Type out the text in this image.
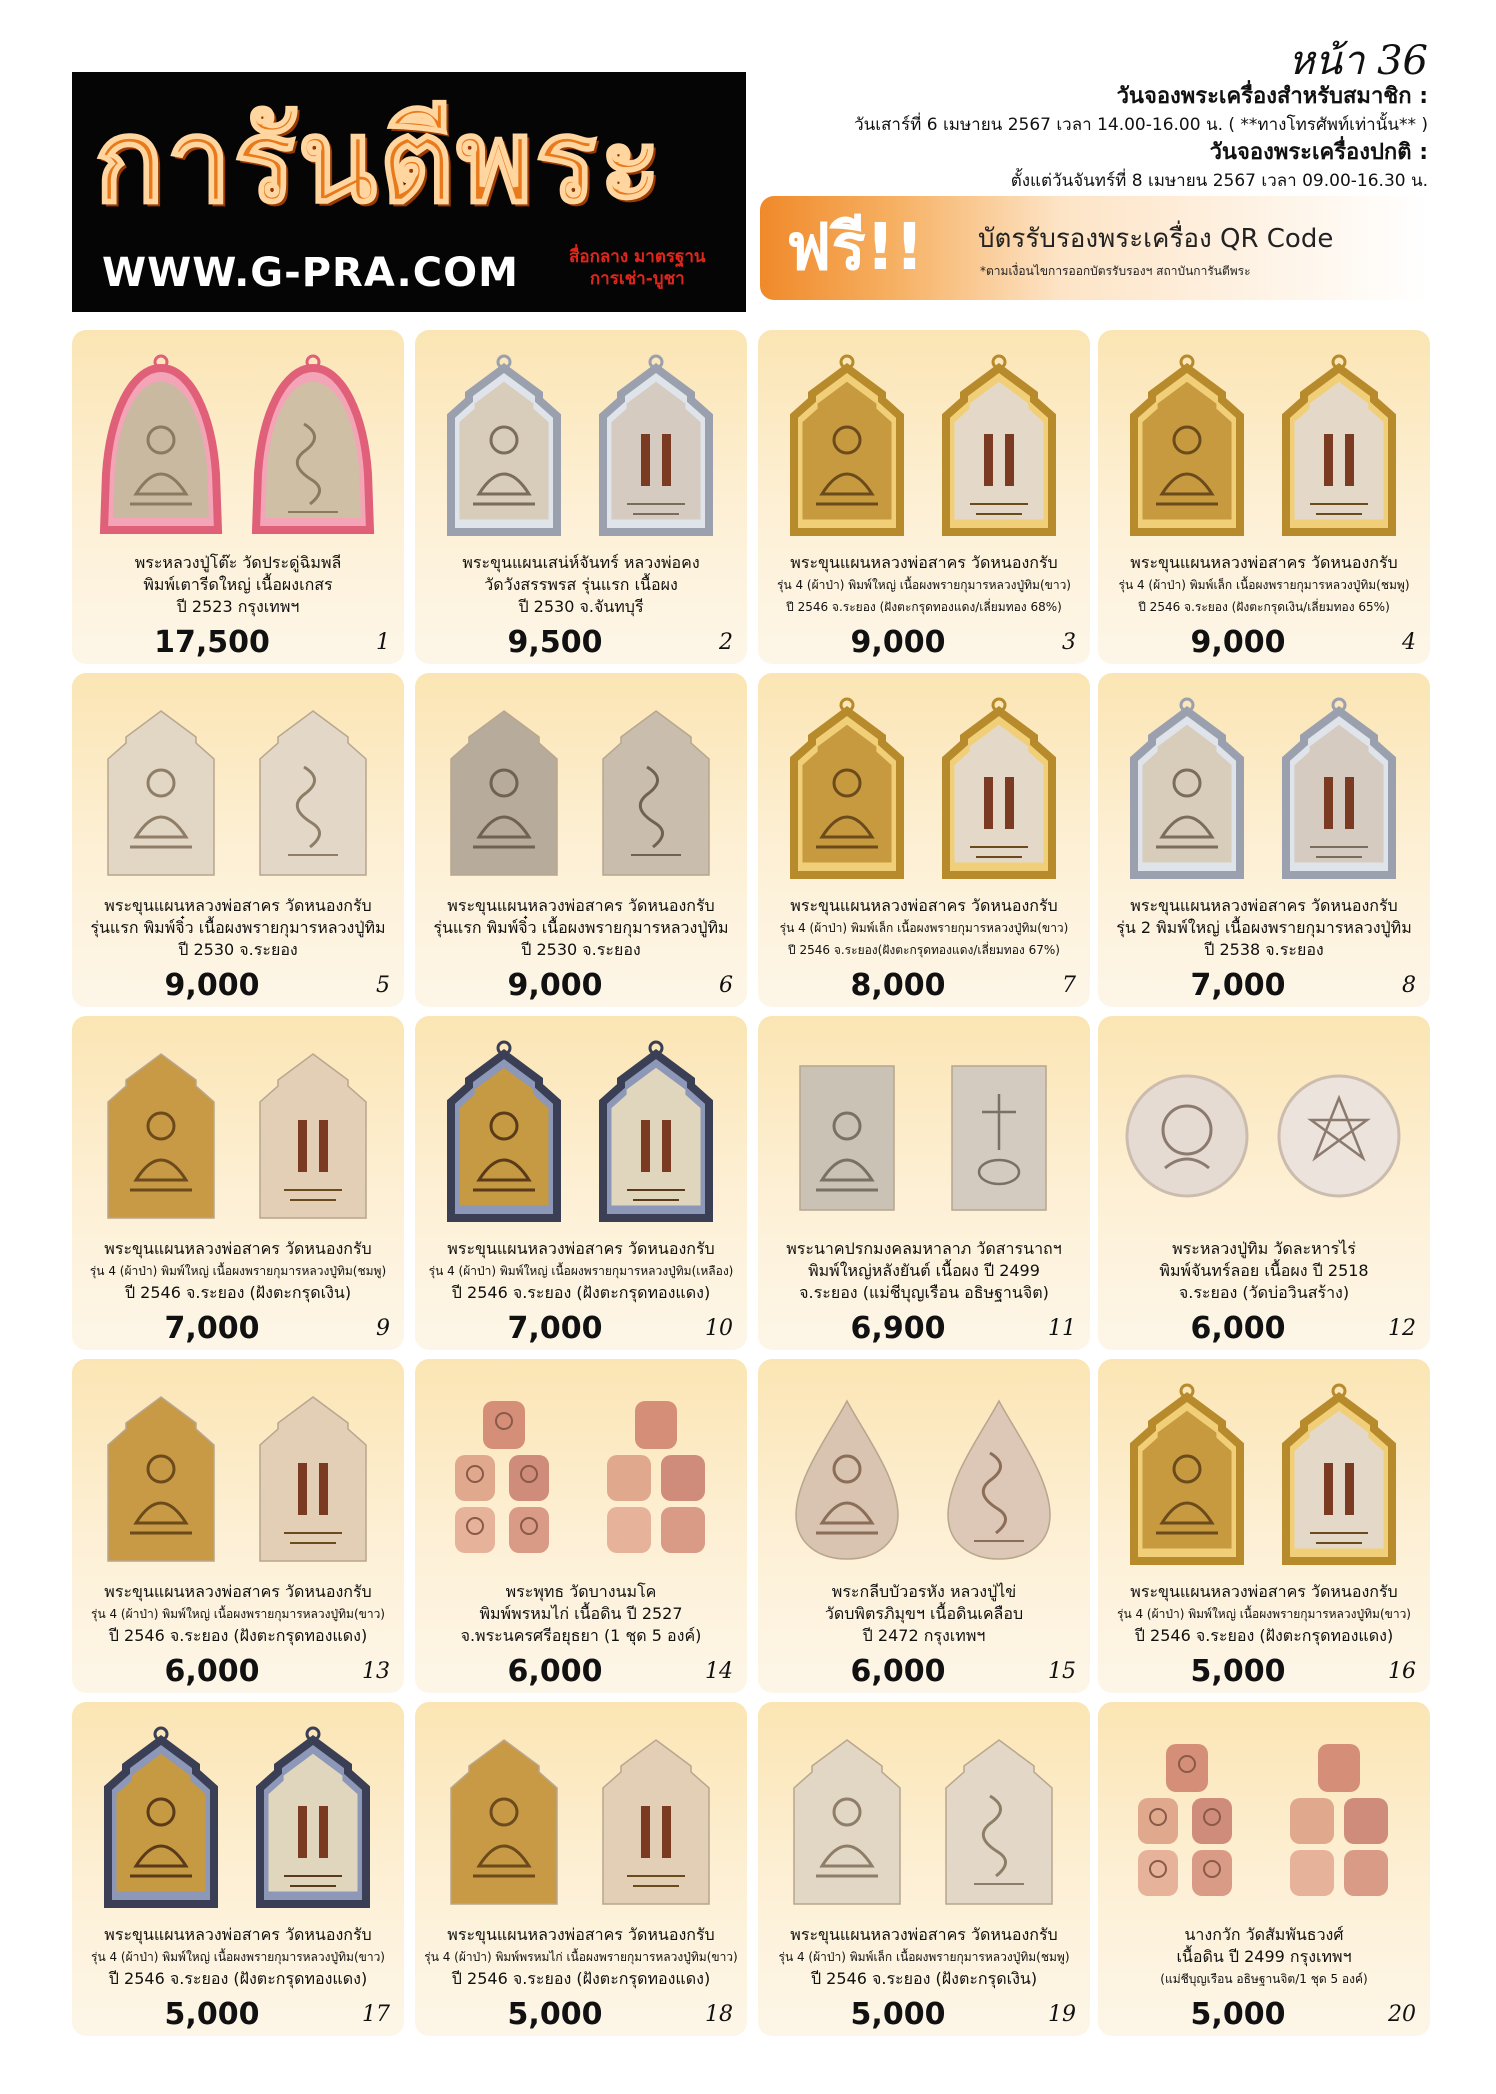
หน้า 36
การันตีพระ
WWW.G-PRA.COM	สื่อกลาง มาตรฐาน
การเช่า-บูชา
วันจองพระเครื่องสำหรับสมาชิก :
วันเสาร์ที่ 6 เมษายน 2567 เวลา 14.00-16.00 น. ( **ทางโทรศัพท์เท่านั้น** )
วันจองพระเครื่องปกติ :
ตั้งแต่วันจันทร์ที่ 8 เมษายน 2567 เวลา 09.00-16.30 น.
ฟรี!! บัตรรับรองพระเครื่อง QR Code
*ตามเงื่อนไขการออกบัตรรับรองฯ สถาบันการันตีพระ
พระหลวงปู่โต๊ะ วัดประดู่ฉิมพลี
พิมพ์เตารีดใหญ่ เนื้อผงเกสร
ปี 2523 กรุงเทพฯ
17,500	1
พระขุนแผนเสน่ห์จันทร์ หลวงพ่อคง
วัดวังสรรพรส รุ่นแรก เนื้อผง
ปี 2530 จ.จันทบุรี
9,500	2
พระขุนแผนหลวงพ่อสาคร วัดหนองกรับ
รุ่น 4 (ผ้าป่า) พิมพ์ใหญ่ เนื้อผงพรายกุมารหลวงปู่ทิม(ขาว)
ปี 2546 จ.ระยอง (ฝังตะกรุดทองแดง/เลี่ยมทอง 68%)
9,000	3
พระขุนแผนหลวงพ่อสาคร วัดหนองกรับ
รุ่น 4 (ผ้าป่า) พิมพ์เล็ก เนื้อผงพรายกุมารหลวงปู่ทิม(ชมพู)
ปี 2546 จ.ระยอง (ฝังตะกรุดเงิน/เลี่ยมทอง 65%)
9,000	4
พระขุนแผนหลวงพ่อสาคร วัดหนองกรับ
รุ่นแรก พิมพ์จิ๋ว เนื้อผงพรายกุมารหลวงปู่ทิม
ปี 2530 จ.ระยอง
9,000	5
พระขุนแผนหลวงพ่อสาคร วัดหนองกรับ
รุ่นแรก พิมพ์จิ๋ว เนื้อผงพรายกุมารหลวงปู่ทิม
ปี 2530 จ.ระยอง
9,000	6
พระขุนแผนหลวงพ่อสาคร วัดหนองกรับ
รุ่น 4 (ผ้าป่า) พิมพ์เล็ก เนื้อผงพรายกุมารหลวงปู่ทิม(ขาว)
ปี 2546 จ.ระยอง(ฝังตะกรุดทองแดง/เลี่ยมทอง 67%)
8,000	7
พระขุนแผนหลวงพ่อสาคร วัดหนองกรับ
รุ่น 2 พิมพ์ใหญ่ เนื้อผงพรายกุมารหลวงปู่ทิม
ปี 2538 จ.ระยอง
7,000	8
พระขุนแผนหลวงพ่อสาคร วัดหนองกรับ
รุ่น 4 (ผ้าป่า) พิมพ์ใหญ่ เนื้อผงพรายกุมารหลวงปู่ทิม(ชมพู)
ปี 2546 จ.ระยอง (ฝังตะกรุดเงิน)
7,000	9
พระขุนแผนหลวงพ่อสาคร วัดหนองกรับ
รุ่น 4 (ผ้าป่า) พิมพ์ใหญ่ เนื้อผงพรายกุมารหลวงปู่ทิม(เหลือง)
ปี 2546 จ.ระยอง (ฝังตะกรุดทองแดง)
7,000	10
พระนาคปรกมงคลมหาลาภ วัดสารนาถฯ
พิมพ์ใหญ่หลังยันต์ เนื้อผง ปี 2499
จ.ระยอง (แม่ชีบุญเรือน อธิษฐานจิต)
6,900	11
พระหลวงปู่ทิม วัดละหารไร่
พิมพ์จันทร์ลอย เนื้อผง ปี 2518
จ.ระยอง (วัดบ่อวินสร้าง)
6,000	12
พระขุนแผนหลวงพ่อสาคร วัดหนองกรับ
รุ่น 4 (ผ้าป่า) พิมพ์ใหญ่ เนื้อผงพรายกุมารหลวงปู่ทิม(ขาว)
ปี 2546 จ.ระยอง (ฝังตะกรุดทองแดง)
6,000	13
พระพุทธ วัดบางนมโค
พิมพ์พรหมไก่ เนื้อดิน ปี 2527
จ.พระนครศรีอยุธยา (1 ชุด 5 องค์)
6,000	14
พระกลีบบัวอรหัง หลวงปู่ไข่
วัดบพิตรภิมุขฯ เนื้อดินเคลือบ
ปี 2472 กรุงเทพฯ
6,000	15
พระขุนแผนหลวงพ่อสาคร วัดหนองกรับ
รุ่น 4 (ผ้าป่า) พิมพ์ใหญ่ เนื้อผงพรายกุมารหลวงปู่ทิม(ขาว)
ปี 2546 จ.ระยอง (ฝังตะกรุดทองแดง)
5,000	16
พระขุนแผนหลวงพ่อสาคร วัดหนองกรับ
รุ่น 4 (ผ้าป่า) พิมพ์ใหญ่ เนื้อผงพรายกุมารหลวงปู่ทิม(ขาว)
ปี 2546 จ.ระยอง (ฝังตะกรุดทองแดง)
5,000	17
พระขุนแผนหลวงพ่อสาคร วัดหนองกรับ
รุ่น 4 (ผ้าป่า) พิมพ์พรหมไก่ เนื้อผงพรายกุมารหลวงปู่ทิม(ขาว)
ปี 2546 จ.ระยอง (ฝังตะกรุดทองแดง)
5,000	18
พระขุนแผนหลวงพ่อสาคร วัดหนองกรับ
รุ่น 4 (ผ้าป่า) พิมพ์เล็ก เนื้อผงพรายกุมารหลวงปู่ทิม(ชมพู)
ปี 2546 จ.ระยอง (ฝังตะกรุดเงิน)
5,000	19
นางกวัก วัดสัมพันธวงศ์
เนื้อดิน ปี 2499 กรุงเทพฯ
(แม่ชีบุญเรือน อธิษฐานจิต/1 ชุด 5 องค์)
5,000	20
